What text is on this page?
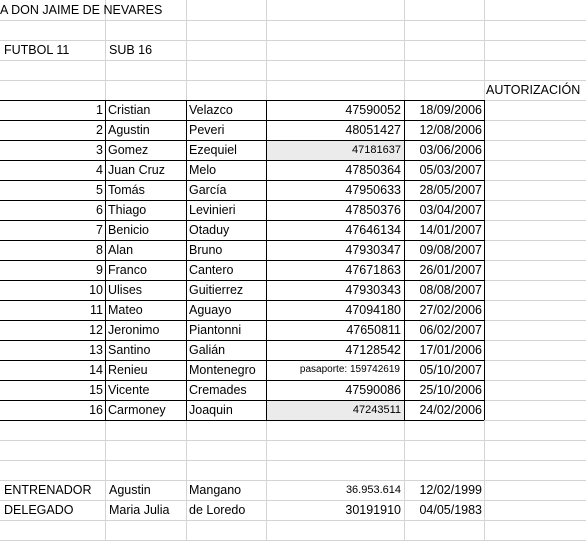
A DON JAIME DE NEVARES
FUTBOL 11	SUB 16
AUTORIZACIÓN
1 Cristian	Velazco	47590052	18/09/2006
2 Agustin	Peveri	48051427	12/08/2006
3 Gomez	Ezequiel	47181637	03/06/2006
4 Juan Cruz	Melo	47850364	05/03/2007
5 Tomás	García	47950633	28/05/2007
6 Thiago	Levinieri	47850376	03/04/2007
7 Benicio	Otaduy	47646134	14/01/2007
8 Alan	Bruno	47930347	09/08/2007
9 Franco	Cantero	47671863	26/01/2007
10 Ulises	Guitierrez	47930343	08/08/2007
11 Mateo	Aguayo	47094180	27/02/2006
12 Jeronimo	Piantonni	47650811	06/02/2007
13 Santino	Galián	47128542	17/01/2006
14 Renieu	Montenegro	pasaporte: 159742619	05/10/2007
15 Vicente	Cremades	47590086	25/10/2006
16 Carmoney	Joaquin	47243511	24/02/2006
ENTRENADOR	Agustin	Mangano	36.953.614	12/02/1999
DELEGADO	Maria Julia	de Loredo	30191910	04/05/1983
